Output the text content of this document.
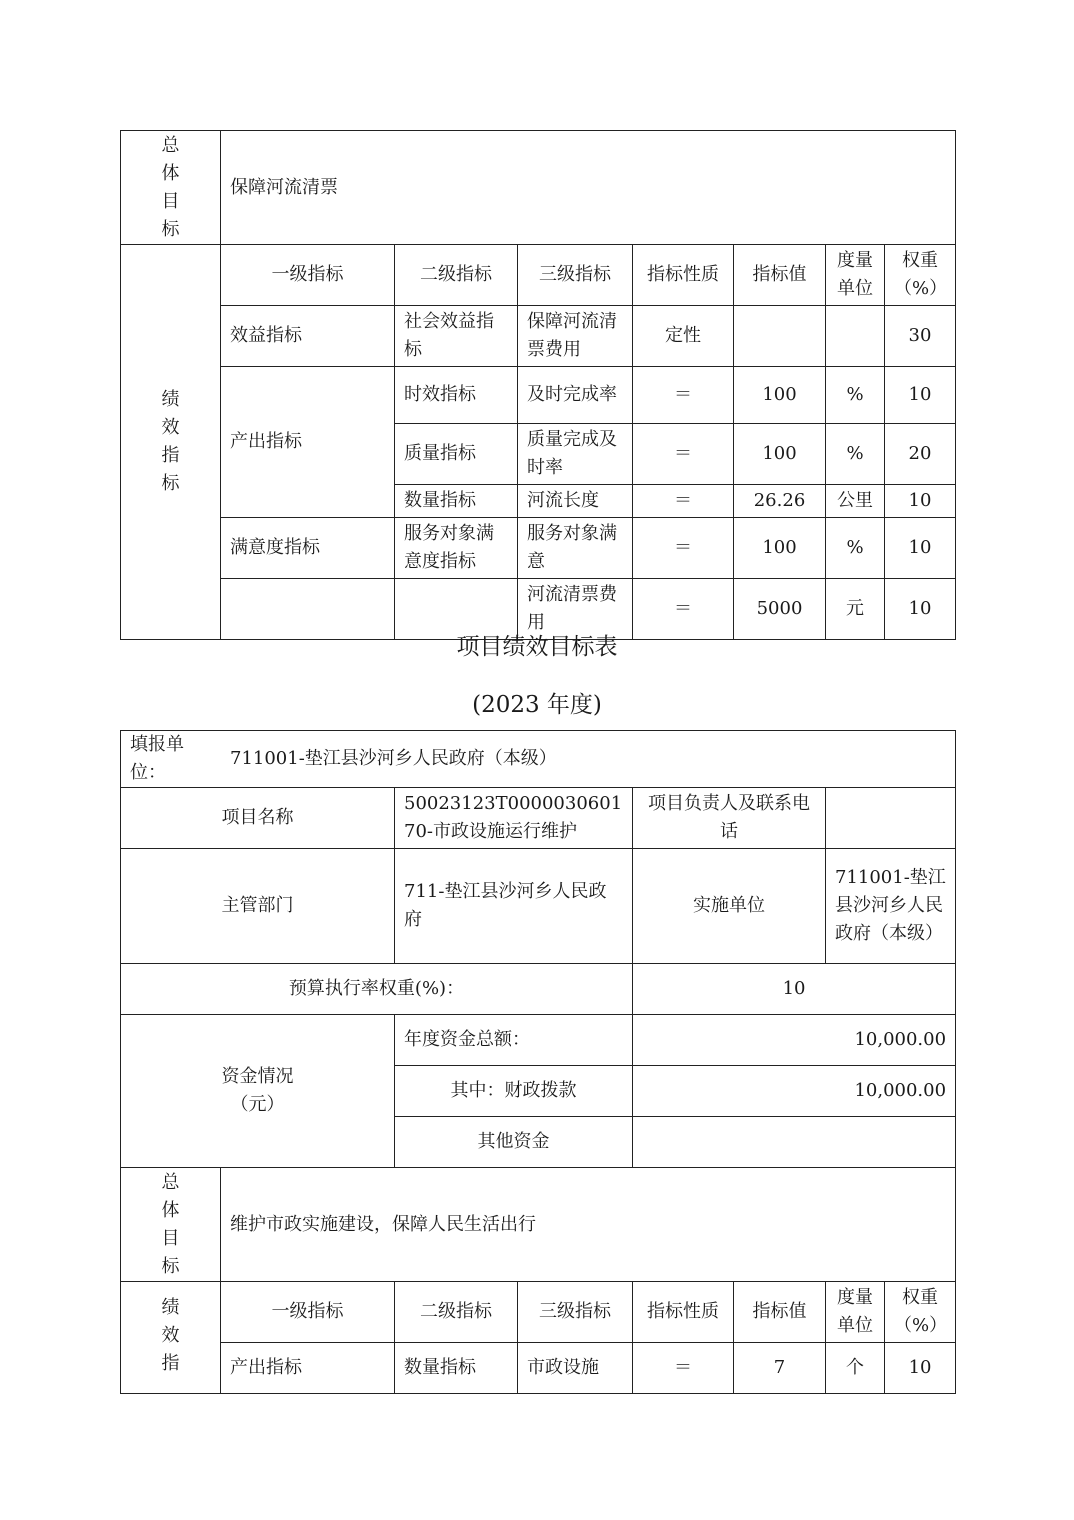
总
体
目
标	保障河流清票						

绩
效
指
标	一级指标	二级指标	三级指标	指标性质	指标值	度量单位	权重（%）
	效益指标	社会效益指标	保障河流清票费用	定性			30
	产出指标	时效指标	及时完成率	＝	100	%	10
		质量指标	质量完成及时率	＝	100	%	20
		数量指标	河流长度	＝	26.26	公里	10
	满意度指标	服务对象满意度指标	服务对象满意	＝	100	%	10
			河流清票费用	＝	5000	元	10
项目绩效目标表
(2023 年度)
填报单位：
711001-垫江县沙河乡人民政府（本级）							

项目名称		50023123T000003060170-市政设施运行维护		项目负责人及联系电话			
主管部门		711-垫江县沙河乡人民政府		实施单位		711001-垫江县沙河乡人民政府（本级）	
预算执行率权重(%)：				10			

资金情况（元）		年度资金总额：		10,000.00			
		其中：财政拨款		10,000.00			
		其他资金					

总
体
目
标	维护市政实施建设，保障人民生活出行						

绩
效
指	一级指标	二级指标	三级指标	指标性质	指标值	度量单位	权重（%）
	产出指标	数量指标	市政设施	＝	7	个	10
